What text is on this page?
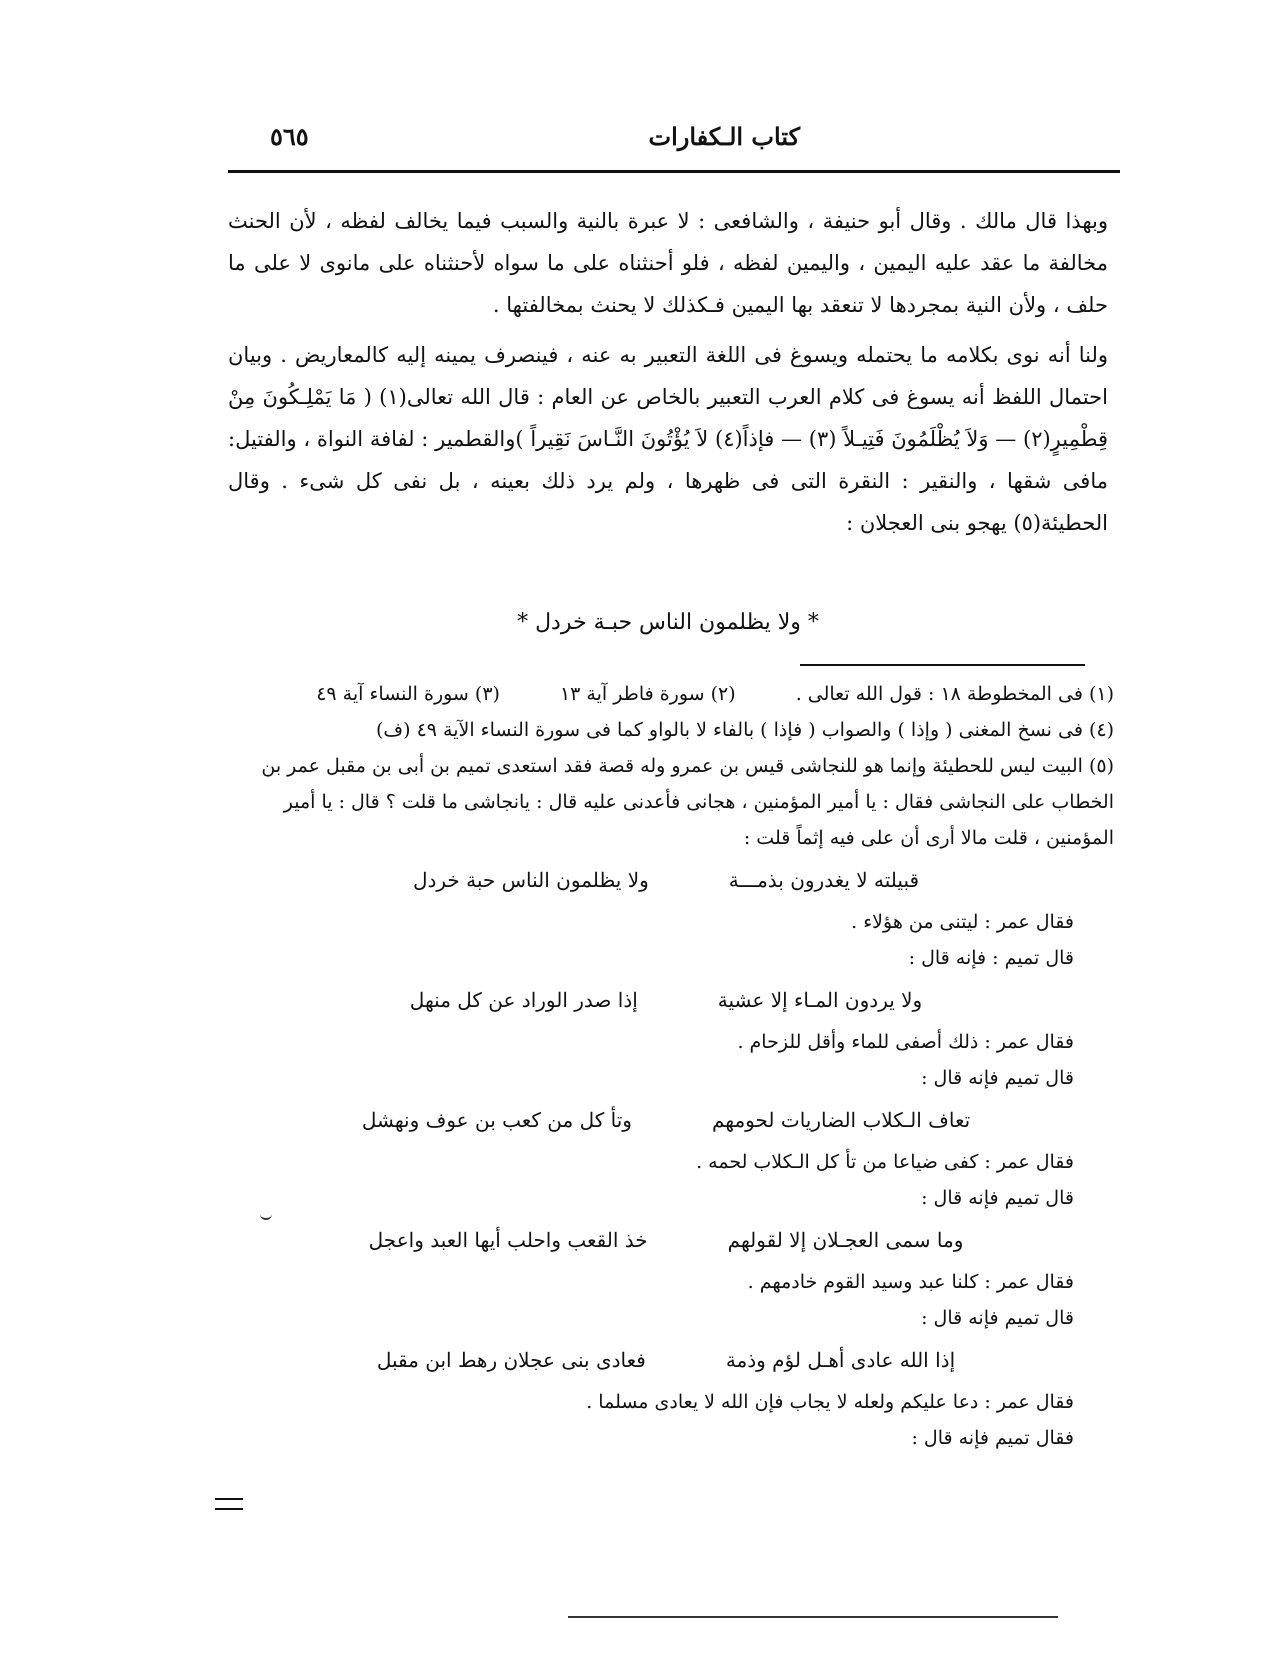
كتاب الـكفارات
٥٦٥

وبهذا قال مالك . وقال أبو حنيفة ، والشافعى : لا عبرة بالنية والسبب فيما يخالف لفظه ، لأن الحنث مخالفة ما عقد عليه اليمين ، واليمين لفظه ، فلو أحنثناه على ما سواه لأحنثناه على مانوى لا على ما حلف ، ولأن النية بمجردها لا تنعقد بها اليمين فـكذلك لا يحنث بمخالفتها .

ولنا أنه نوى بكلامه ما يحتمله ويسوغ فى اللغة التعبير به عنه ، فينصرف يمينه إليه كالمعاريض . وبيان احتمال اللفظ أنه يسوغ فى كلام العرب التعبير بالخاص عن العام : قال الله تعالى(١) ( مَا يَمْلِـكُونَ مِنْ قِطْمِيرٍ(٢) — وَلاَ يُظْلَمُونَ فَتِيـلاً (٣) — فإذاً(٤) لاَ يُؤْتُونَ النَّـاسَ نَقِيراً )والقطمير : لفافة النواة ، والفتيل: مافى شقها ، والنقير : النقرة التى فى ظهرها ، ولم يرد ذلك بعينه ، بل نفى كل شىء . وقال الحطيئة(٥) يهجو بنى العجلان :

* ولا يظلمون الناس حبـة خردل *
(١) فى المخطوطة ١٨ : قول الله تعالى .
(٢) سورة فاطر آية ١٣
(٣) سورة النساء آية ٤٩

(٤) فى نسخ المغنى ( وإذا ) والصواب ( فإذا ) بالفاء لا بالواو كما فى سورة النساء الآية ٤٩ (ف)

(٥) البيت ليس للحطيئة وإنما هو للنجاشى قيس بن عمرو وله قصة فقد استعدى تميم بن أبى بن مقبل عمر بن الخطاب على النجاشى فقال : يا أمير المؤمنين ، هجانى فأعدنى عليه قال : يانجاشى ما قلت ؟ قال : يا أمير المؤمنين ، قلت مالا أرى أن على فيه إثماً قلت :

قبيلته لا يغدرون بذمـــة
ولا يظلمون الناس حبة خردل

فقال عمر : ليتنى من هؤلاء .

قال تميم : فإنه قال :

ولا يردون المـاء إلا عشية
إذا صدر الوراد عن كل منهل

فقال عمر : ذلك أصفى للماء وأقل للزحام .

قال تميم فإنه قال :

تعاف الـكلاب الضاريات لحومهم
وتأ كل من كعب بن عوف ونهشل

فقال عمر : كفى ضياعا من تأ كل الـكلاب لحمه .

قال تميم فإنه قال :

وما سمى العجـلان إلا لقولهم
خذ القعب واحلب أيها العبد واعجل

فقال عمر : كلنا عبد وسيد القوم خادمهم .

قال تميم فإنه قال :

إذا الله عادى أهـل لؤم وذمة
فعادى بنى عجلان رهط ابن مقبل

فقال عمر : دعا عليكم ولعله لا يجاب فإن الله لا يعادى مسلما .

فقال تميم فإنه قال :
